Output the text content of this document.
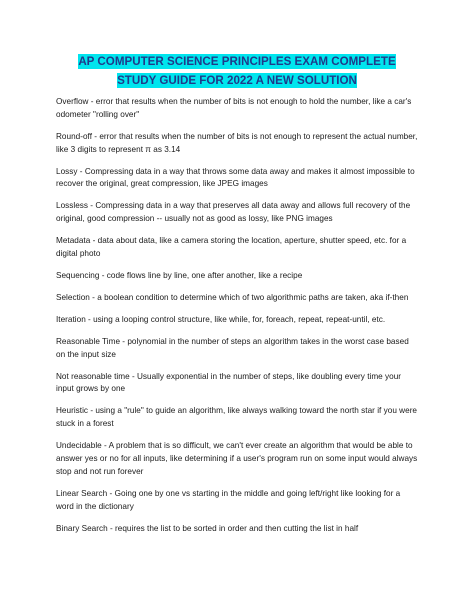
AP COMPUTER SCIENCE PRINCIPLES EXAM COMPLETE STUDY GUIDE FOR 2022 A NEW SOLUTION
Overflow - error that results when the number of bits is not enough to hold the number, like a car's odometer "rolling over"
Round-off - error that results when the number of bits is not enough to represent the actual number, like 3 digits to represent π as 3.14
Lossy - Compressing data in a way that throws some data away and makes it almost impossible to recover the original, great compression, like JPEG images
Lossless - Compressing data in a way that preserves all data away and allows full recovery of the original, good compression -- usually not as good as lossy, like PNG images
Metadata - data about data, like a camera storing the location, aperture, shutter speed, etc. for a digital photo
Sequencing - code flows line by line, one after another, like a recipe
Selection - a boolean condition to determine which of two algorithmic paths are taken, aka if-then
Iteration - using a looping control structure, like while, for, foreach, repeat, repeat-until, etc.
Reasonable Time - polynomial in the number of steps an algorithm takes in the worst case based on the input size
Not reasonable time - Usually exponential in the number of steps, like doubling every time your input grows by one
Heuristic - using a "rule" to guide an algorithm, like always walking toward the north star if you were stuck in a forest
Undecidable - A problem that is so difficult, we can't ever create an algorithm that would be able to answer yes or no for all inputs, like determining if a user's program run on some input would always stop and not run forever
Linear Search - Going one by one vs starting in the middle and going left/right like looking for a word in the dictionary
Binary Search - requires the list to be sorted in order and then cutting the list in half
